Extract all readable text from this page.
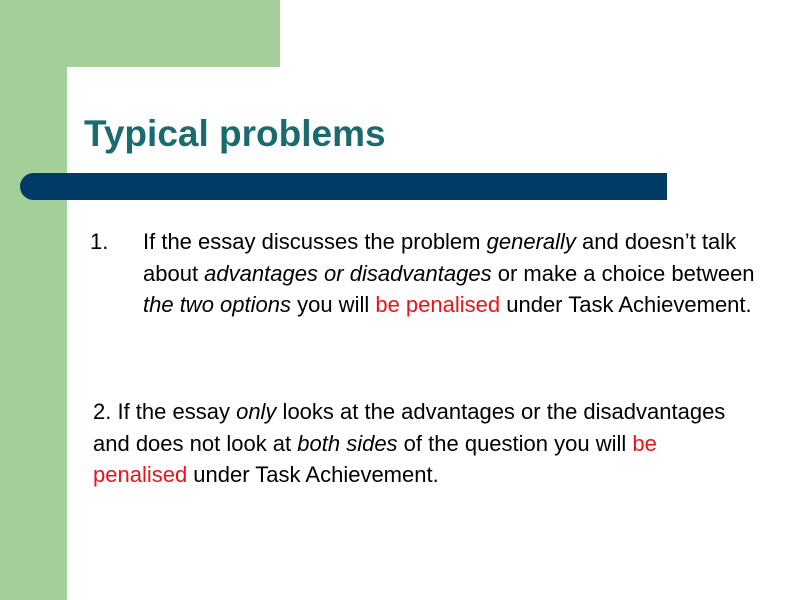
Typical problems
1. If the essay discusses the problem generally and doesn’t talk about advantages or disadvantages or make a choice between the two options you will be penalised under Task Achievement.
2. If the essay only looks at the advantages or the disadvantages and does not look at both sides of the question you will be penalised under Task Achievement.
